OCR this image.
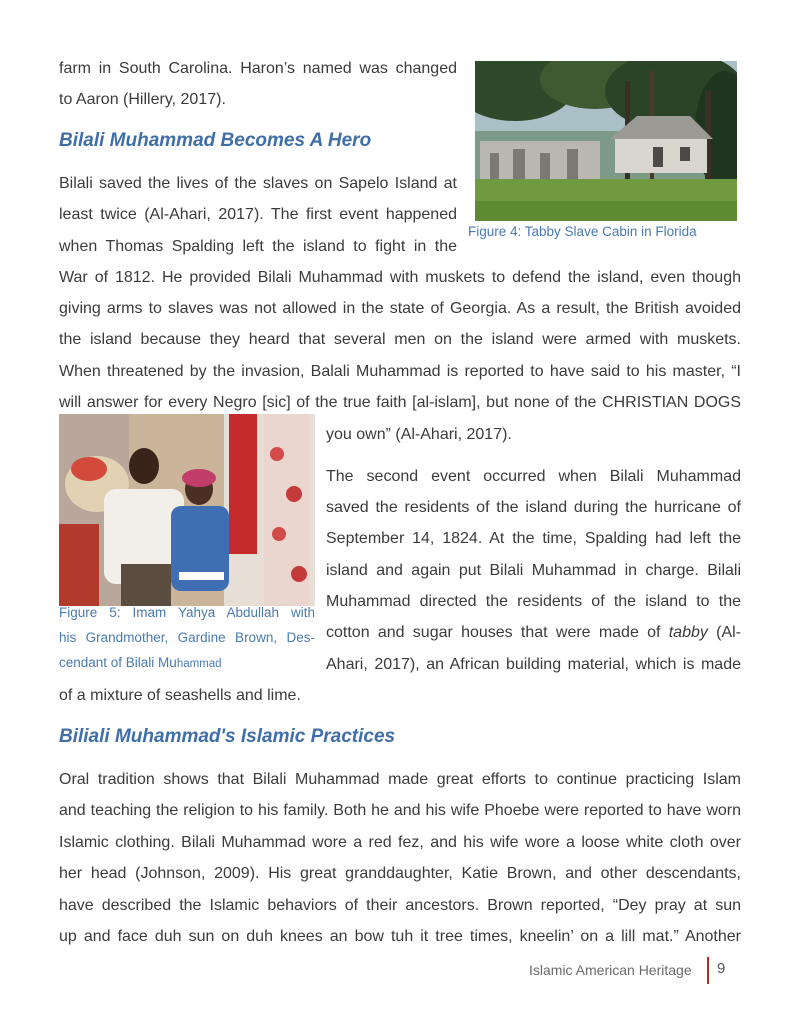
farm in South Carolina. Haron’s named was changed
to Aaron (Hillery, 2017).
Bilali Muhammad Becomes A Hero
Bilali saved the lives of the slaves on Sapelo Island at
least twice (Al-Ahari, 2017). The first event happened
when Thomas Spalding left the island to fight in the
War of 1812. He provided Bilali Muhammad with muskets to defend the island, even though
giving arms to slaves was not allowed in the state of Georgia. As a result, the British avoided
the island because they heard that several men on the island were armed with muskets.
When threatened by the invasion, Balali Muhammad is reported to have said to his master, “I
will answer for every Negro [sic] of the true faith [al-islam], but none of the CHRISTIAN DOGS
you own” (Al-Ahari, 2017).
The second event occurred when Bilali Muhammad
saved the residents of the island during the hurricane of
September 14, 1824. At the time, Spalding had left the
island and again put Bilali Muhammad in charge. Bilali
Muhammad directed the residents of the island to the
cotton and sugar houses that were made of tabby (Al-
Ahari, 2017), an African building material, which is made
of a mixture of seashells and lime.
Biliali Muhammad's Islamic Practices
Oral tradition shows that Bilali Muhammad made great efforts to continue practicing Islam
and teaching the religion to his family. Both he and his wife Phoebe were reported to have worn
Islamic clothing. Bilali Muhammad wore a red fez, and his wife wore a loose white cloth over
her head (Johnson, 2009). His great granddaughter, Katie Brown, and other descendants,
have described the Islamic behaviors of their ancestors. Brown reported, “Dey pray at sun
up and face duh sun on duh knees an bow tuh it tree times, kneelin’ on a lill mat.” Another
Figure 4: Tabby Slave Cabin in Florida
Figure 5: Imam Yahya Abdullah with
his Grandmother, Gardine Brown, Des-
cendant of Bilali Muhammad
Islamic American Heritage 9
